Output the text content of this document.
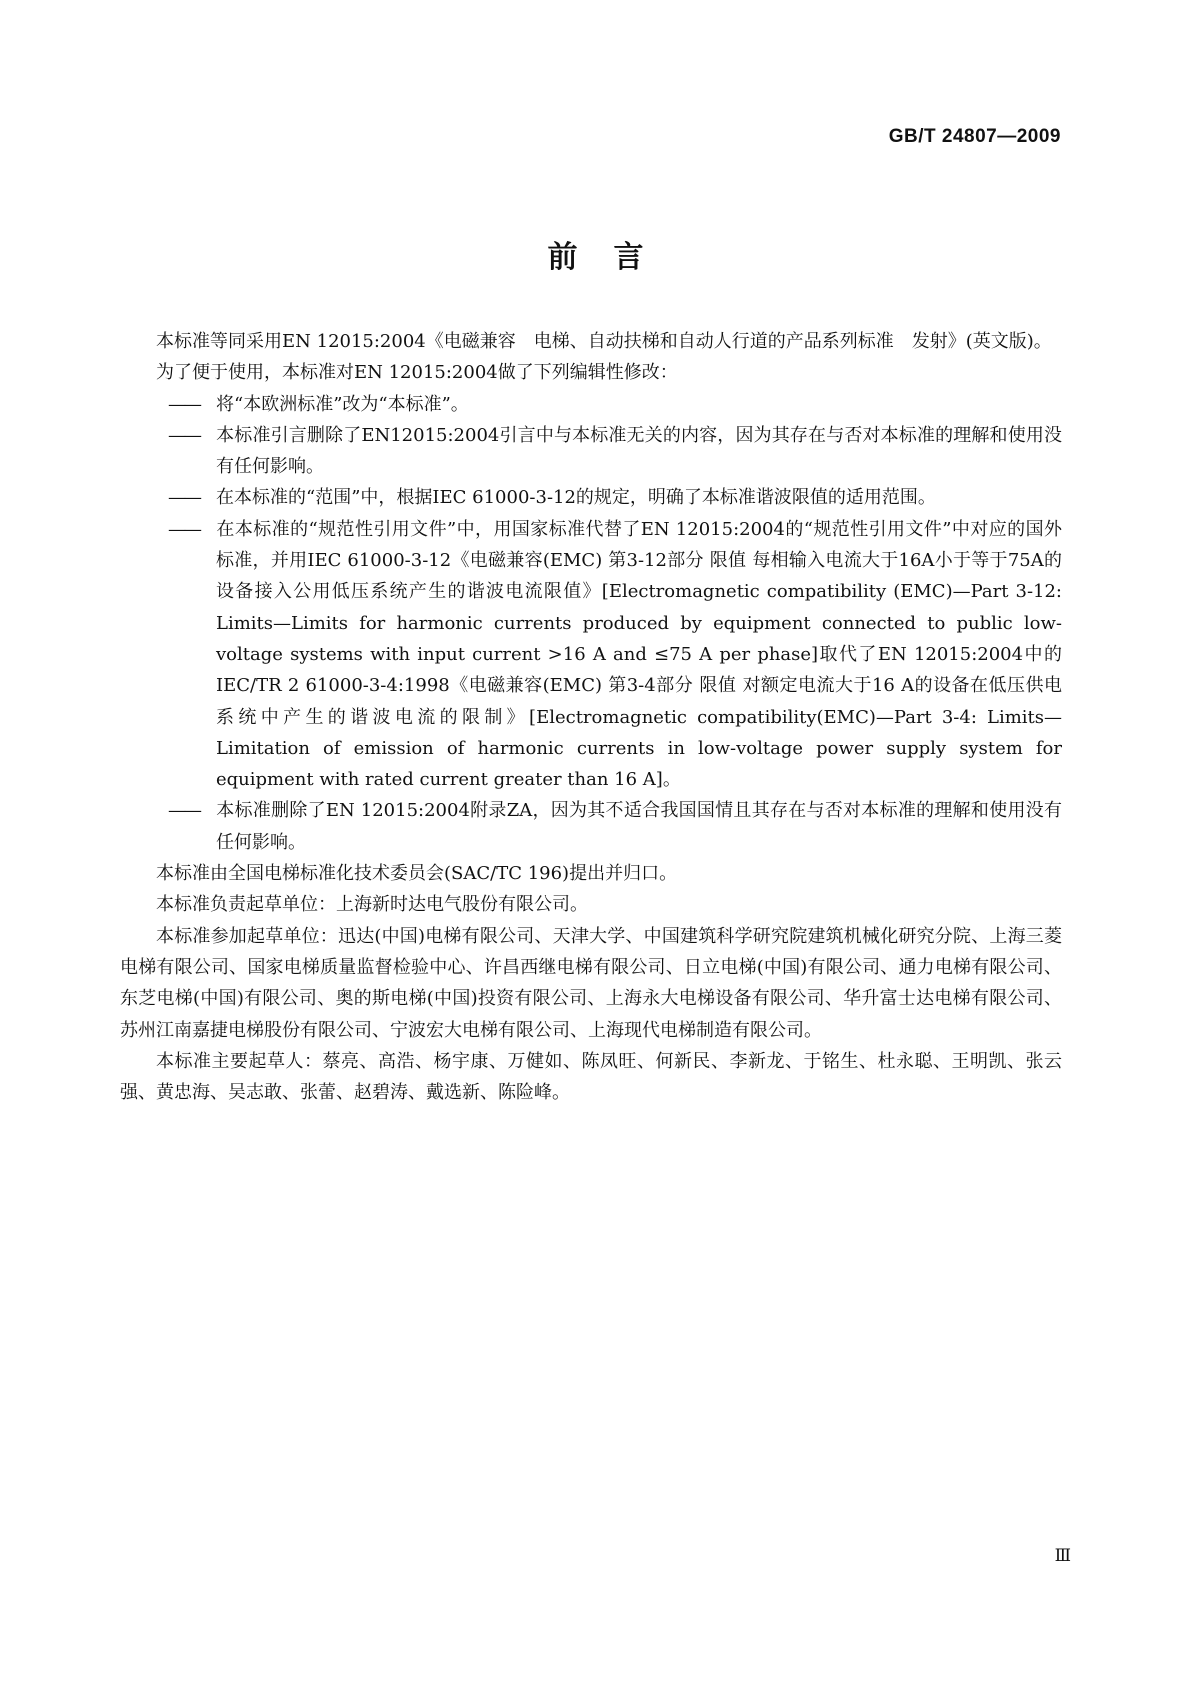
GB/T 24807—2009
前言

本标准等同采用EN 12015:2004《电磁兼容　电梯、自动扶梯和自动人行道的产品系列标准　发射》(英文版)。

为了便于使用，本标准对EN 12015:2004做了下列编辑性修改：

—— 将“本欧洲标准”改为“本标准”。

—— 本标准引言删除了EN12015:2004引言中与本标准无关的内容，因为其存在与否对本标准的理解和使用没有任何影响。

—— 在本标准的“范围”中，根据IEC 61000-3-12的规定，明确了本标准谐波限值的适用范围。

—— 在本标准的“规范性引用文件”中，用国家标准代替了EN 12015:2004的“规范性引用文件”中对应的国外标准，并用IEC 61000-3-12《电磁兼容(EMC) 第3-12部分 限值 每相输入电流大于16A小于等于75A的设备接入公用低压系统产生的谐波电流限值》[Electromagnetic compatibility (EMC)—Part 3-12: Limits—Limits for harmonic currents produced by equipment connected to public low-voltage systems with input current >16 A and ≤75 A per phase]取代了EN 12015:2004中的IEC/TR 2 61000-3-4:1998《电磁兼容(EMC) 第3-4部分 限值 对额定电流大于16 A的设备在低压供电系统中产生的谐波电流的限制》[Electromagnetic compatibility(EMC)—Part 3-4: Limits—Limitation of emission of harmonic currents in low-voltage power supply system for equipment with rated current greater than 16 A]。

—— 本标准删除了EN 12015:2004附录ZA，因为其不适合我国国情且其存在与否对本标准的理解和使用没有任何影响。

本标准由全国电梯标准化技术委员会(SAC/TC 196)提出并归口。

本标准负责起草单位：上海新时达电气股份有限公司。

本标准参加起草单位：迅达(中国)电梯有限公司、天津大学、中国建筑科学研究院建筑机械化研究分院、上海三菱电梯有限公司、国家电梯质量监督检验中心、许昌西继电梯有限公司、日立电梯(中国)有限公司、通力电梯有限公司、东芝电梯(中国)有限公司、奥的斯电梯(中国)投资有限公司、上海永大电梯设备有限公司、华升富士达电梯有限公司、苏州江南嘉捷电梯股份有限公司、宁波宏大电梯有限公司、上海现代电梯制造有限公司。

本标准主要起草人：蔡亮、高浩、杨宇康、万健如、陈凤旺、何新民、李新龙、于铭生、杜永聪、王明凯、张云强、黄忠海、吴志敢、张蕾、赵碧涛、戴选新、陈险峰。

Ⅲ
